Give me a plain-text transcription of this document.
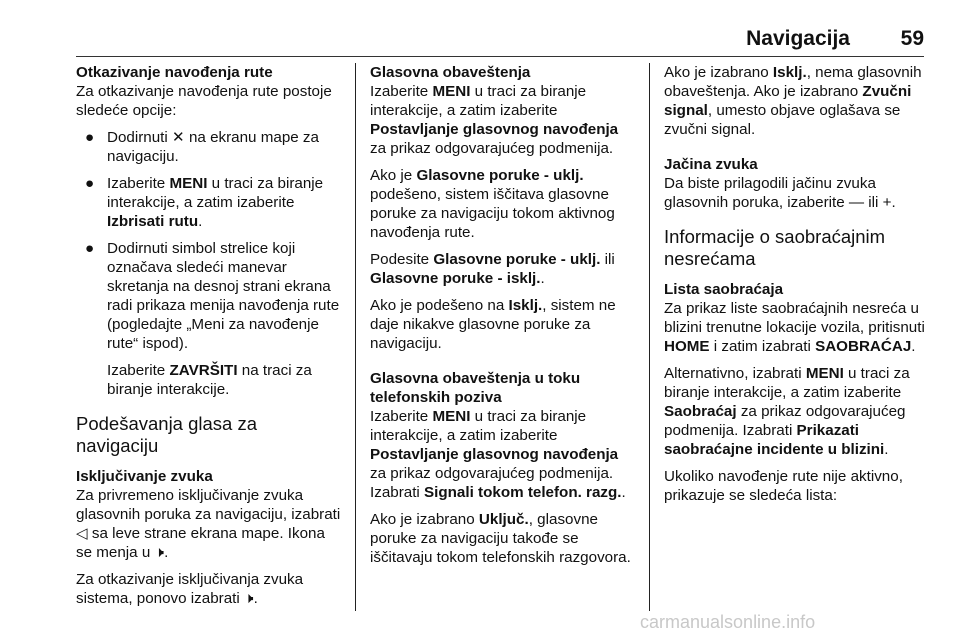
Navigacija 59

Otkazivanje navođenja rute
Za otkazivanje navođenja rute postoje sledeće opcije:

● Dodirnuti ✕ na ekranu mape za navigaciju.
● Izaberite MENI u traci za biranje interakcije, a zatim izaberite Izbrisati rutu.
● Dodirnuti simbol strelice koji označava sledeći manevar skretanja na desnoj strani ekrana radi prikaza menija navođenja rute (pogledajte „Meni za navođenje rute“ ispod).

Izaberite ZAVRŠITI na traci za biranje interakcije.

Podešavanja glasa za navigaciju

Isključivanje zvuka
Za privremeno isključivanje zvuka glasovnih poruka za navigaciju, izabrati ◁ sa leve strane ekrana mape. Ikona se menja u 🕨.

Za otkazivanje isključivanja zvuka sistema, ponovo izabrati 🕨.

Glasovna obaveštenja
Izaberite MENI u traci za biranje interakcije, a zatim izaberite Postavljanje glasovnog navođenja za prikaz odgovarajućeg podmenija.

Ako je Glasovne poruke - uklj. podešeno, sistem iščitava glasovne poruke za navigaciju tokom aktivnog navođenja rute.

Podesite Glasovne poruke - uklj. ili Glasovne poruke - isklj..

Ako je podešeno na Isklj., sistem ne daje nikakve glasovne poruke za navigaciju.

Glasovna obaveštenja u toku telefonskih poziva
Izaberite MENI u traci za biranje interakcije, a zatim izaberite Postavljanje glasovnog navođenja za prikaz odgovarajućeg podmenija. Izabrati Signali tokom telefon. razg..

Ako je izabrano Uključ., glasovne poruke za navigaciju takođe se iščitavaju tokom telefonskih razgovora.

Ako je izabrano Isklj., nema glasovnih obaveštenja. Ako je izabrano Zvučni signal, umesto objave oglašava se zvučni signal.

Jačina zvuka
Da biste prilagodili jačinu zvuka glasovnih poruka, izaberite — ili +.

Informacije o saobraćajnim nesrećama

Lista saobraćaja
Za prikaz liste saobraćajnih nesreća u blizini trenutne lokacije vozila, pritisnuti HOME i zatim izabrati SAOBRAĆAJ.

Alternativno, izabrati MENI u traci za biranje interakcije, a zatim izaberite Saobraćaj za prikaz odgovarajućeg podmenija. Izabrati Prikazati saobraćajne incidente u blizini.

Ukoliko navođenje rute nije aktivno, prikazuje se sledeća lista:

carmanualsonline.info
